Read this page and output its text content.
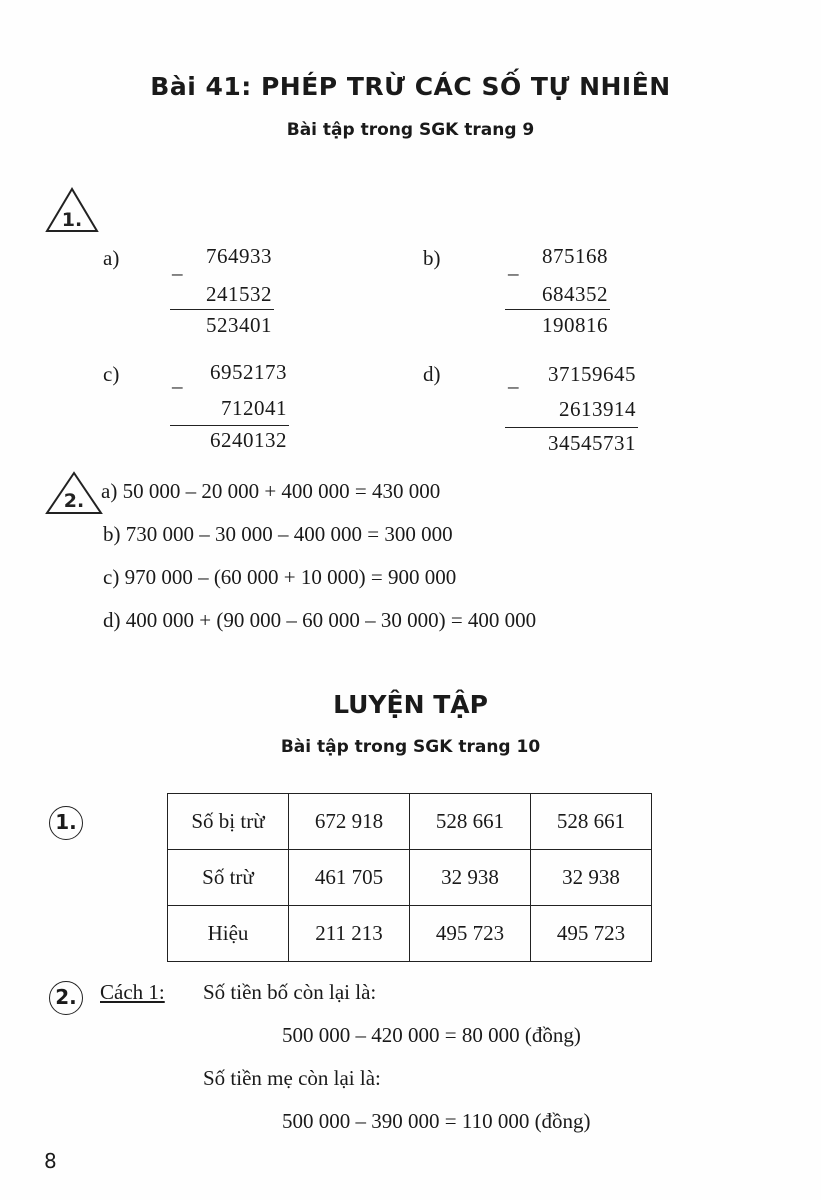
Bài 41: PHÉP TRỪ CÁC SỐ TỰ NHIÊN
Bài tập trong SGK trang 9
1.
a)	_	764933
241532
523401
b)	_	875168
684352
190816
c)	_	6952173
712041
6240132
d)	_	37159645
2613914
34545731
2. a) 50 000 – 20 000 + 400 000 = 430 000
b) 730 000 – 30 000 – 400 000 = 300 000
c) 970 000 – (60 000 + 10 000) = 900 000
d) 400 000 + (90 000 – 60 000 – 30 000) = 400 000
LUYỆN TẬP
Bài tập trong SGK trang 10
1.	Số bị trừ	672 918	528 661	528 661
Số trừ	461 705	32 938	32 938
Hiệu	211 213	495 723	495 723
2. Cách 1: Số tiền bố còn lại là:
500 000 – 420 000 = 80 000 (đồng)
Số tiền mẹ còn lại là:
500 000 – 390 000 = 110 000 (đồng)
8
